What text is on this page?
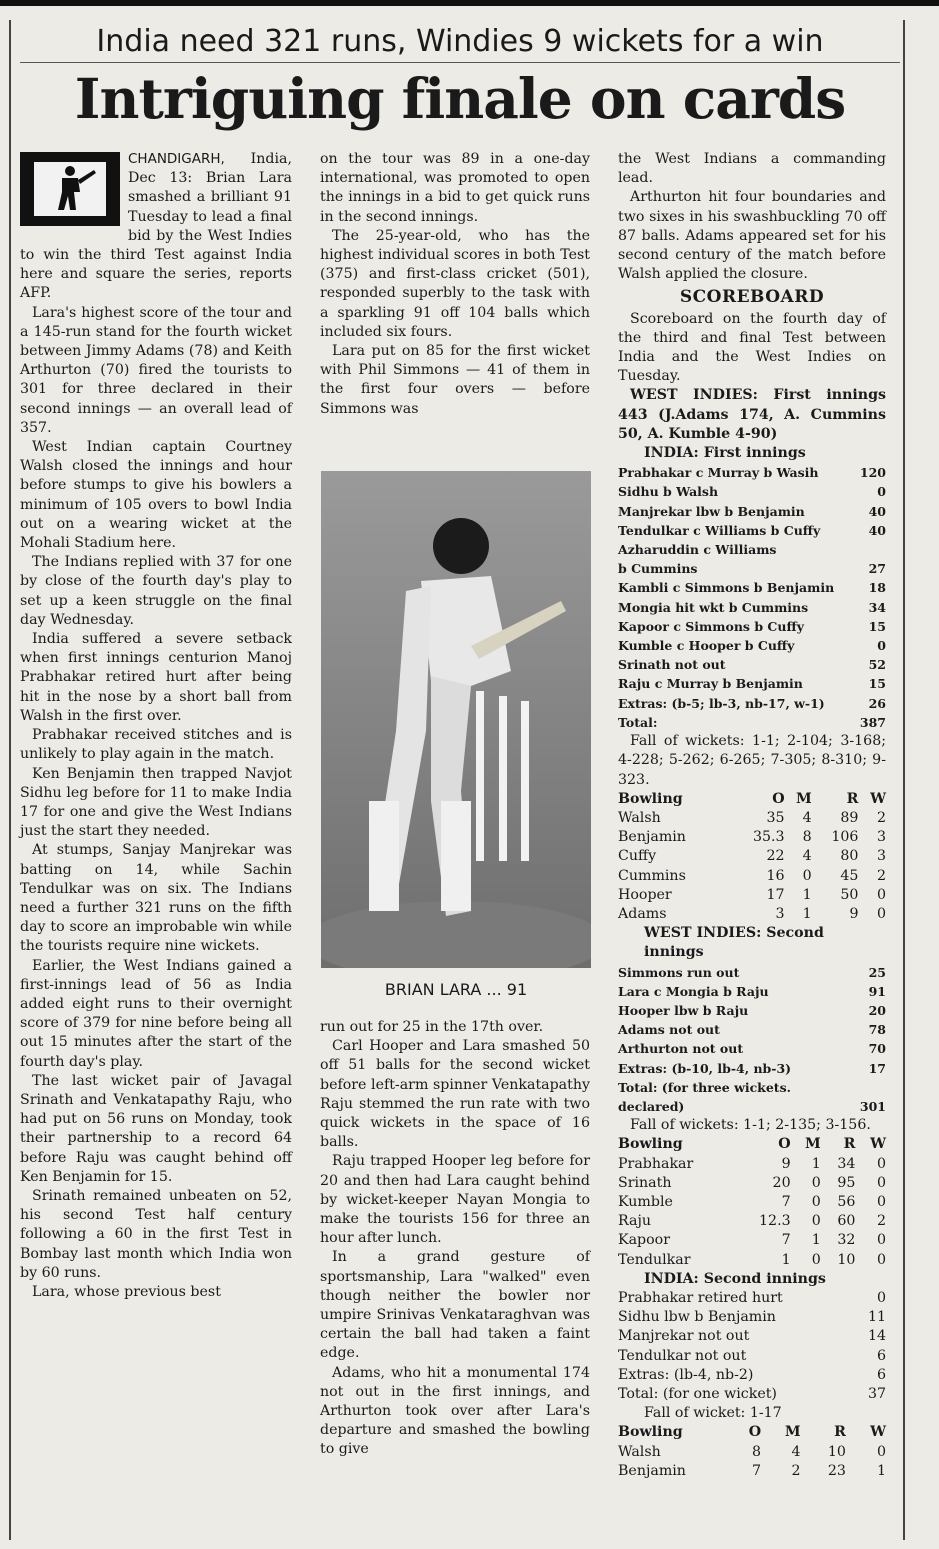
India need 321 runs, Windies 9 wickets for a win
Intriguing finale on cards

CHANDIGARH, India, Dec 13: Brian Lara smashed a brilliant 91 Tuesday to lead a final bid by the West Indies to win the third Test against India here and square the series, reports AFP.

Lara's highest score of the tour and a 145-run stand for the fourth wicket between Jimmy Adams (78) and Keith Arthurton (70) fired the tourists to 301 for three declared in their second innings — an overall lead of 357.

West Indian captain Courtney Walsh closed the innings and hour before stumps to give his bowlers a minimum of 105 overs to bowl India out on a wearing wicket at the Mohali Stadium here.

The Indians replied with 37 for one by close of the fourth day's play to set up a keen struggle on the final day Wednesday.

India suffered a severe setback when first innings centurion Manoj Prabhakar retired hurt after being hit in the nose by a short ball from Walsh in the first over.

Prabhakar received stitches and is unlikely to play again in the match.

Ken Benjamin then trapped Navjot Sidhu leg before for 11 to make India 17 for one and give the West Indians just the start they needed.

At stumps, Sanjay Manjrekar was batting on 14, while Sachin Tendulkar was on six. The Indians need a further 321 runs on the fifth day to score an improbable win while the tourists require nine wickets.

Earlier, the West Indians gained a first-innings lead of 56 as India added eight runs to their overnight score of 379 for nine before being all out 15 minutes after the start of the fourth day's play.

The last wicket pair of Javagal Srinath and Venkatapathy Raju, who had put on 56 runs on Monday, took their partnership to a record 64 before Raju was caught behind off Ken Benjamin for 15.

Srinath remained unbeaten on 52, his second Test half century following a 60 in the first Test in Bombay last month which India won by 60 runs.

Lara, whose previous best

on the tour was 89 in a one-day international, was promoted to open the innings in a bid to get quick runs in the second innings.

The 25-year-old, who has the highest individual scores in both Test (375) and first-class cricket (501), responded superbly to the task with a sparkling 91 off 104 balls which included six fours.

Lara put on 85 for the first wicket with Phil Simmons — 41 of them in the first four overs — before Simmons was

BRIAN LARA ... 91

run out for 25 in the 17th over.

Carl Hooper and Lara smashed 50 off 51 balls for the second wicket before left-arm spinner Venkatapathy Raju stemmed the run rate with two quick wickets in the space of 16 balls.

Raju trapped Hooper leg before for 20 and then had Lara caught behind by wicket-keeper Nayan Mongia to make the tourists 156 for three an hour after lunch.

In a grand gesture of sportsmanship, Lara "walked" even though neither the bowler nor umpire Srinivas Venkataraghvan was certain the ball had taken a faint edge.

Adams, who hit a monumental 174 not out in the first innings, and Arthurton took over after Lara's departure and smashed the bowling to give

the West Indians a commanding lead.

Arthurton hit four boundaries and two sixes in his swashbuckling 70 off 87 balls. Adams appeared set for his second century of the match before Walsh applied the closure.

SCOREBOARD

Scoreboard on the fourth day of the third and final Test between India and the West Indies on Tuesday.

WEST INDIES: First innings 443 (J.Adams 174, A. Cummins 50, A. Kumble 4-90)

INDIA: First innings
Prabhakar c Murray b Wasih	120
Sidhu b Walsh	0
Manjrekar lbw b Benjamin	40
Tendulkar c Williams b Cuffy	40
Azharuddin c Williams
b Cummins	27
Kambli c Simmons b Benjamin	18
Mongia hit wkt b Cummins	34
Kapoor c Simmons b Cuffy	15
Kumble c Hooper b Cuffy	0
Srinath not out	52
Raju c Murray b Benjamin	15
Extras: (b-5; lb-3, nb-17, w-1)	26
Total:	387

Fall of wickets: 1-1; 2-104; 3-168; 4-228; 5-262; 6-265; 7-305; 8-310; 9-323.

Bowling	O	M	R	W
Walsh	35	4	89	2
Benjamin	35.3	8	106	3
Cuffy	22	4	80	3
Cummins	16	0	45	2
Hooper	17	1	50	0
Adams	3	1	9	0
WEST INDIES: Second innings
Simmons run out	25
Lara c Mongia b Raju	91
Hooper lbw b Raju	20
Adams not out	78
Arthurton not out	70
Extras: (b-10, lb-4, nb-3)	17
Total: (for three wickets.
declared)	301

Fall of wickets: 1-1; 2-135; 3-156.

Bowling	O	M	R	W
Prabhakar	9	1	34	0
Srinath	20	0	95	0
Kumble	7	0	56	0
Raju	12.3	0	60	2
Kapoor	7	1	32	0
Tendulkar	1	0	10	0
INDIA: Second innings
Prabhakar retired hurt	0
Sidhu lbw b Benjamin	11
Manjrekar not out	14
Tendulkar not out	6
Extras: (lb-4, nb-2)	6
Total: (for one wicket)	37
Fall of wicket: 1-17
Bowling	O	M	R	W
Walsh	8	4	10	0
Benjamin	7	2	23	1
